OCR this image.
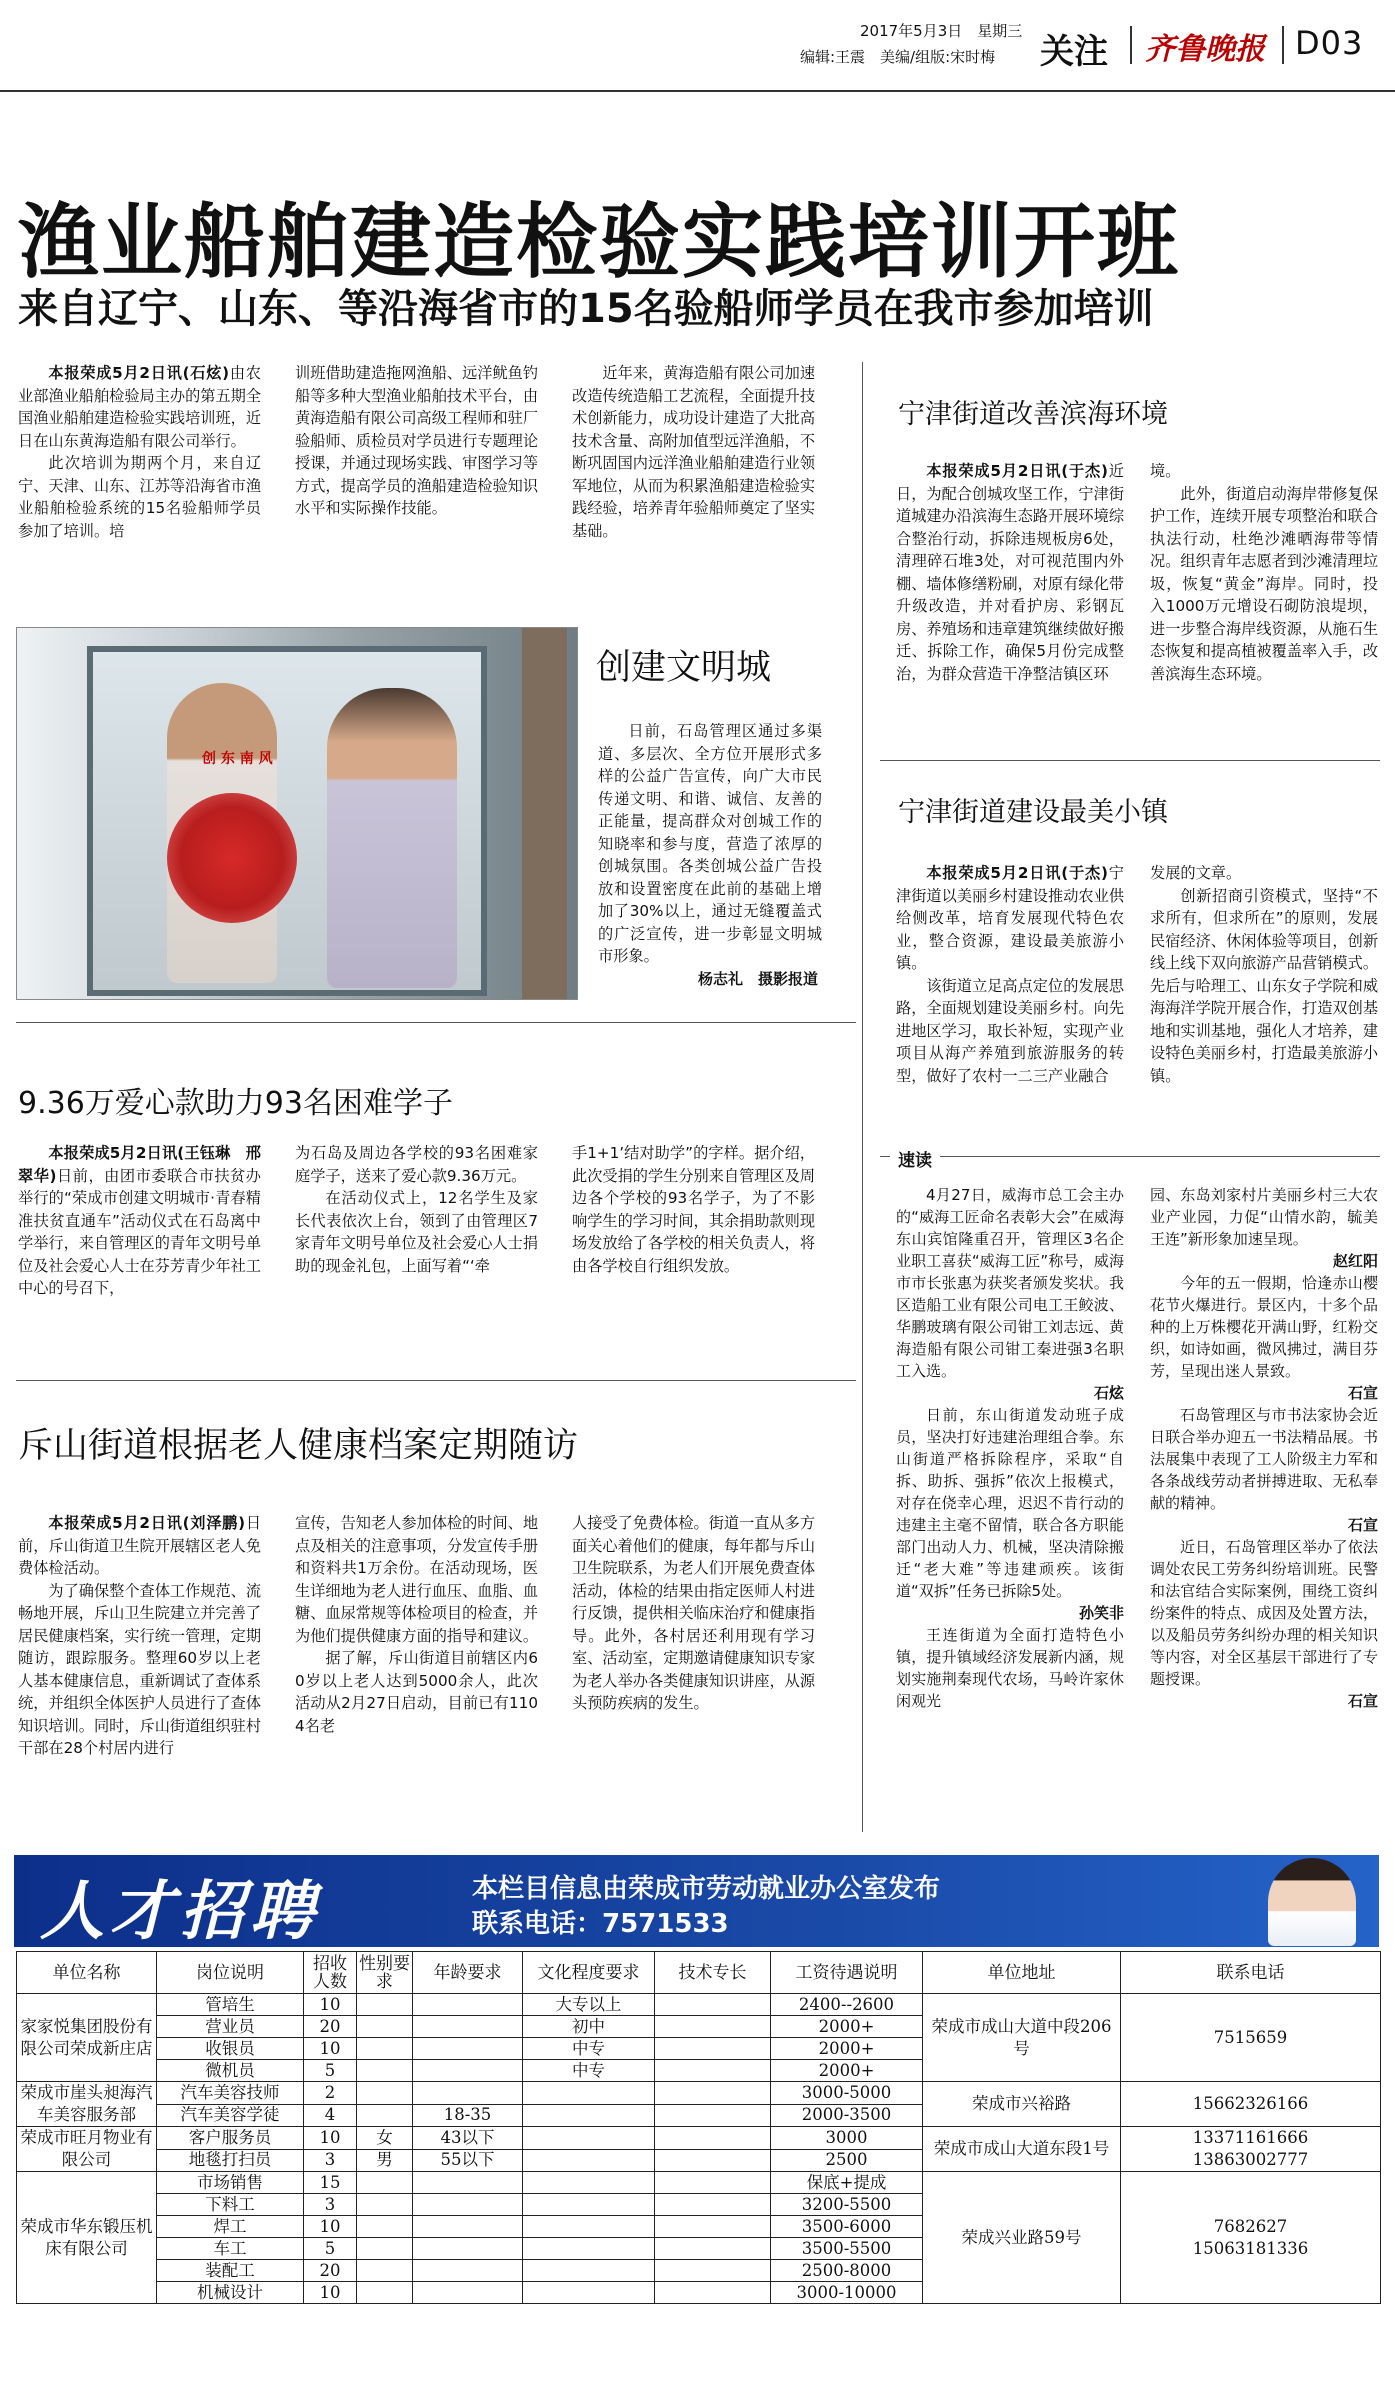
2017年5月3日　星期三
编辑:王震　美编/组版:宋时梅 关注 齐鲁晚报 D03
渔业船舶建造检验实践培训开班
来自辽宁、山东、等沿海省市的15名验船师学员在我市参加培训

本报荣成5月2日讯(石炫)由农业部渔业船舶检验局主办的第五期全国渔业船舶建造检验实践培训班，近日在山东黄海造船有限公司举行。

此次培训为期两个月，来自辽宁、天津、山东、江苏等沿海省市渔业船舶检验系统的15名验船师学员参加了培训。培

训班借助建造拖网渔船、远洋鱿鱼钓船等多种大型渔业船舶技术平台，由黄海造船有限公司高级工程师和驻厂验船师、质检员对学员进行专题理论授课，并通过现场实践、审图学习等方式，提高学员的渔船建造检验知识水平和实际操作技能。

近年来，黄海造船有限公司加速改造传统造船工艺流程，全面提升技术创新能力，成功设计建造了大批高技术含量、高附加值型远洋渔船，不断巩固国内远洋渔业船舶建造行业领军地位，从而为积累渔船建造检验实践经验，培养青年验船师奠定了坚实基础。

创 东 南 风
创建文明城

日前，石岛管理区通过多渠道、多层次、全方位开展形式多样的公益广告宣传，向广大市民传递文明、和谐、诚信、友善的正能量，提高群众对创城工作的知晓率和参与度，营造了浓厚的创城氛围。各类创城公益广告投放和设置密度在此前的基础上增加了30%以上，通过无缝覆盖式的广泛宣传，进一步彰显文明城市形象。

杨志礼　摄影报道
9.36万爱心款助力93名困难学子

本报荣成5月2日讯(王钰琳　邢翠华)日前，由团市委联合市扶贫办举行的“荣成市创建文明城市·青春精准扶贫直通车”活动仪式在石岛离中学举行，来自管理区的青年文明号单位及社会爱心人士在芬芳青少年社工中心的号召下，

为石岛及周边各学校的93名困难家庭学子，送来了爱心款9.36万元。

在活动仪式上，12名学生及家长代表依次上台，领到了由管理区7家青年文明号单位及社会爱心人士捐助的现金礼包，上面写着“‘牵

手1+1’结对助学”的字样。据介绍，此次受捐的学生分别来自管理区及周边各个学校的93名学子，为了不影响学生的学习时间，其余捐助款则现场发放给了各学校的相关负责人，将由各学校自行组织发放。

斥山街道根据老人健康档案定期随访

本报荣成5月2日讯(刘泽鹏)日前，斥山街道卫生院开展辖区老人免费体检活动。

为了确保整个查体工作规范、流畅地开展，斥山卫生院建立并完善了居民健康档案，实行统一管理，定期随访，跟踪服务。整理60岁以上老人基本健康信息，重新调试了查体系统，并组织全体医护人员进行了查体知识培训。同时，斥山街道组织驻村干部在28个村居内进行

宣传，告知老人参加体检的时间、地点及相关的注意事项，分发宣传手册和资料共1万余份。在活动现场，医生详细地为老人进行血压、血脂、血糖、血尿常规等体检项目的检查，并为他们提供健康方面的指导和建议。

据了解，斥山街道目前辖区内60岁以上老人达到5000余人，此次活动从2月27日启动，目前已有1104名老

人接受了免费体检。街道一直从多方面关心着他们的健康，每年都与斥山卫生院联系，为老人们开展免费查体活动，体检的结果由指定医师人村进行反馈，提供相关临床治疗和健康指导。此外，各村居还利用现有学习室、活动室，定期邀请健康知识专家为老人举办各类健康知识讲座，从源头预防疾病的发生。

宁津街道改善滨海环境

本报荣成5月2日讯(于杰)近日，为配合创城攻坚工作，宁津街道城建办沿滨海生态路开展环境综合整治行动，拆除违规板房6处，清理碎石堆3处，对可视范围内外棚、墙体修缮粉刷，对原有绿化带升级改造，并对看护房、彩钢瓦房、养殖场和违章建筑继续做好搬迁、拆除工作，确保5月份完成整治，为群众营造干净整洁镇区环

境。

此外，街道启动海岸带修复保护工作，连续开展专项整治和联合执法行动，杜绝沙滩晒海带等情况。组织青年志愿者到沙滩清理垃圾，恢复“黄金”海岸。同时，投入1000万元增设石砌防浪堤坝，进一步整合海岸线资源，从施石生态恢复和提高植被覆盖率入手，改善滨海生态环境。

宁津街道建设最美小镇

本报荣成5月2日讯(于杰)宁津街道以美丽乡村建设推动农业供给侧改革，培育发展现代特色农业，整合资源，建设最美旅游小镇。

该街道立足高点定位的发展思路，全面规划建设美丽乡村。向先进地区学习，取长补短，实现产业项目从海产养殖到旅游服务的转型，做好了农村一二三产业融合

发展的文章。

创新招商引资模式，坚持“不求所有，但求所在”的原则，发展民宿经济、休闲体验等项目，创新线上线下双向旅游产品营销模式。先后与哈理工、山东女子学院和威海海洋学院开展合作，打造双创基地和实训基地，强化人才培养，建设特色美丽乡村，打造最美旅游小镇。

速读

4月27日，威海市总工会主办的“威海工匠命名表彰大会”在威海东山宾馆隆重召开，管理区3名企业职工喜获“威海工匠”称号，威海市市长张惠为获奖者颁发奖状。我区造船工业有限公司电工王鲛波、华鹏玻璃有限公司钳工刘志远、黄海造船有限公司钳工秦进强3名职工入选。

石炫

日前，东山街道发动班子成员，坚决打好违建治理组合拳。东山街道严格拆除程序，采取“自拆、助拆、强拆”依次上报模式，对存在侥幸心理，迟迟不肯行动的违建主主毫不留情，联合各方职能部门出动人力、机械，坚决清除搬迁“老大难”等违建顽疾。该街道“双拆”任务已拆除5处。

孙笑非

王连街道为全面打造特色小镇，提升镇域经济发展新内涵，规划实施荆秦现代农场，马岭许家休闲观光

园、东岛刘家村片美丽乡村三大农业产业园，力促“山情水韵，毓美王连”新形象加速呈现。

赵红阳

今年的五一假期，恰逢赤山樱花节火爆进行。景区内，十多个品种的上万株樱花开满山野，红粉交织，如诗如画，微风拂过，满目芬芳，呈现出迷人景致。

石宣

石岛管理区与市书法家协会近日联合举办迎五一书法精品展。书法展集中表现了工人阶级主力军和各条战线劳动者拼搏进取、无私奉献的精神。

石宣

近日，石岛管理区举办了依法调处农民工劳务纠纷培训班。民警和法官结合实际案例，围绕工资纠纷案件的特点、成因及处置方法，以及船员劳务纠纷办理的相关知识等内容，对全区基层干部进行了专题授课。

石宣
人才招聘	本栏目信息由荣成市劳动就业办公室发布
联系电话：7571533
单位名称	岗位说明	招收人数	性别要求	年龄要求	文化程度要求	技术专长	工资待遇说明	单位地址	联系电话
家家悦集团股份有限公司荣成新庄店	管培生	10			大专以上		2400--2600	荣成市成山大道中段206号	7515659
	营业员	20			初中		2000+		
	收银员	10			中专		2000+		
	微机员	5			中专		2000+		
荣成市崖头昶海汽车美容服务部	汽车美容技师	2					3000-5000	荣成市兴裕路	15662326166
	汽车美容学徒	4		18-35			2000-3500		
荣成市旺月物业有限公司	客户服务员	10	女	43以下			3000	荣成市成山大道东段1号	13371161666
13863002777
	地毯打扫员	3	男	55以下			2500		
荣成市华东锻压机床有限公司	市场销售	15					保底+提成	荣成兴业路59号	7682627
15063181336
	下料工	3					3200-5500		
	焊工	10					3500-6000		
	车工	5					3500-5500		
	装配工	20					2500-8000		
	机械设计	10					3000-10000		
